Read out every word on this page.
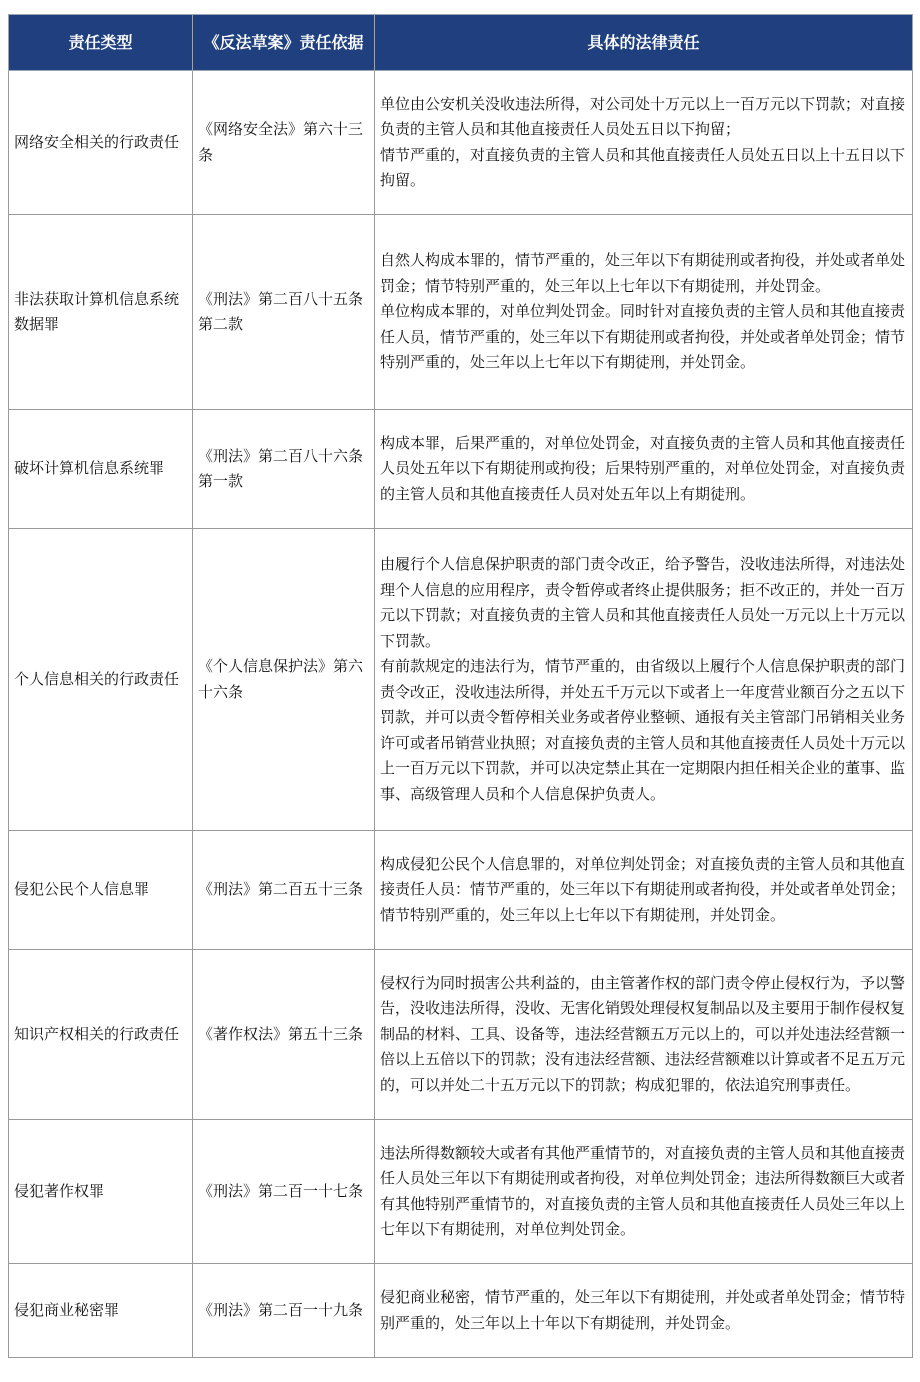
责任类型	《反法草案》责任依据	具体的法律责任
网络安全相关的行政责任	《网络安全法》第六十三条	单位由公安机关没收违法所得，对公司处十万元以上一百万元以下罚款；对直接负责的主管人员和其他直接责任人员处五日以下拘留；
情节严重的，对直接负责的主管人员和其他直接责任人员处五日以上十五日以下拘留。

非法获取计算机信息系统数据罪	《刑法》第二百八十五条第二款	自然人构成本罪的，情节严重的，处三年以下有期徒刑或者拘役，并处或者单处罚金；情节特别严重的，处三年以上七年以下有期徒刑，并处罚金。
单位构成本罪的，对单位判处罚金。同时针对直接负责的主管人员和其他直接责任人员，情节严重的，处三年以下有期徒刑或者拘役，并处或者单处罚金；情节特别严重的，处三年以上七年以下有期徒刑，并处罚金。

破坏计算机信息系统罪	《刑法》第二百八十六条第一款	构成本罪，后果严重的，对单位处罚金，对直接负责的主管人员和其他直接责任人员处五年以下有期徒刑或拘役；后果特别严重的，对单位处罚金，对直接负责的主管人员和其他直接责任人员对处五年以上有期徒刑。

个人信息相关的行政责任	《个人信息保护法》第六十六条	由履行个人信息保护职责的部门责令改正，给予警告，没收违法所得，对违法处理个人信息的应用程序，责令暂停或者终止提供服务；拒不改正的，并处一百万元以下罚款；对直接负责的主管人员和其他直接责任人员处一万元以上十万元以下罚款。
有前款规定的违法行为，情节严重的，由省级以上履行个人信息保护职责的部门责令改正，没收违法所得，并处五千万元以下或者上一年度营业额百分之五以下罚款，并可以责令暂停相关业务或者停业整顿、通报有关主管部门吊销相关业务许可或者吊销营业执照；对直接负责的主管人员和其他直接责任人员处十万元以上一百万元以下罚款，并可以决定禁止其在一定期限内担任相关企业的董事、监事、高级管理人员和个人信息保护负责人。

侵犯公民个人信息罪	《刑法》第二百五十三条	构成侵犯公民个人信息罪的，对单位判处罚金；对直接负责的主管人员和其他直接责任人员：情节严重的，处三年以下有期徒刑或者拘役，并处或者单处罚金；情节特别严重的，处三年以上七年以下有期徒刑，并处罚金。

知识产权相关的行政责任	《著作权法》第五十三条	侵权行为同时损害公共利益的，由主管著作权的部门责令停止侵权行为，予以警告，没收违法所得，没收、无害化销毁处理侵权复制品以及主要用于制作侵权复制品的材料、工具、设备等，违法经营额五万元以上的，可以并处违法经营额一倍以上五倍以下的罚款；没有违法经营额、违法经营额难以计算或者不足五万元的，可以并处二十五万元以下的罚款；构成犯罪的，依法追究刑事责任。

侵犯著作权罪	《刑法》第二百一十七条	违法所得数额较大或者有其他严重情节的，对直接负责的主管人员和其他直接责任人员处三年以下有期徒刑或者拘役，对单位判处罚金；违法所得数额巨大或者有其他特别严重情节的，对直接负责的主管人员和其他直接责任人员处三年以上七年以下有期徒刑，对单位判处罚金。

侵犯商业秘密罪	《刑法》第二百一十九条	侵犯商业秘密，情节严重的，处三年以下有期徒刑，并处或者单处罚金；情节特别严重的，处三年以上十年以下有期徒刑，并处罚金。
